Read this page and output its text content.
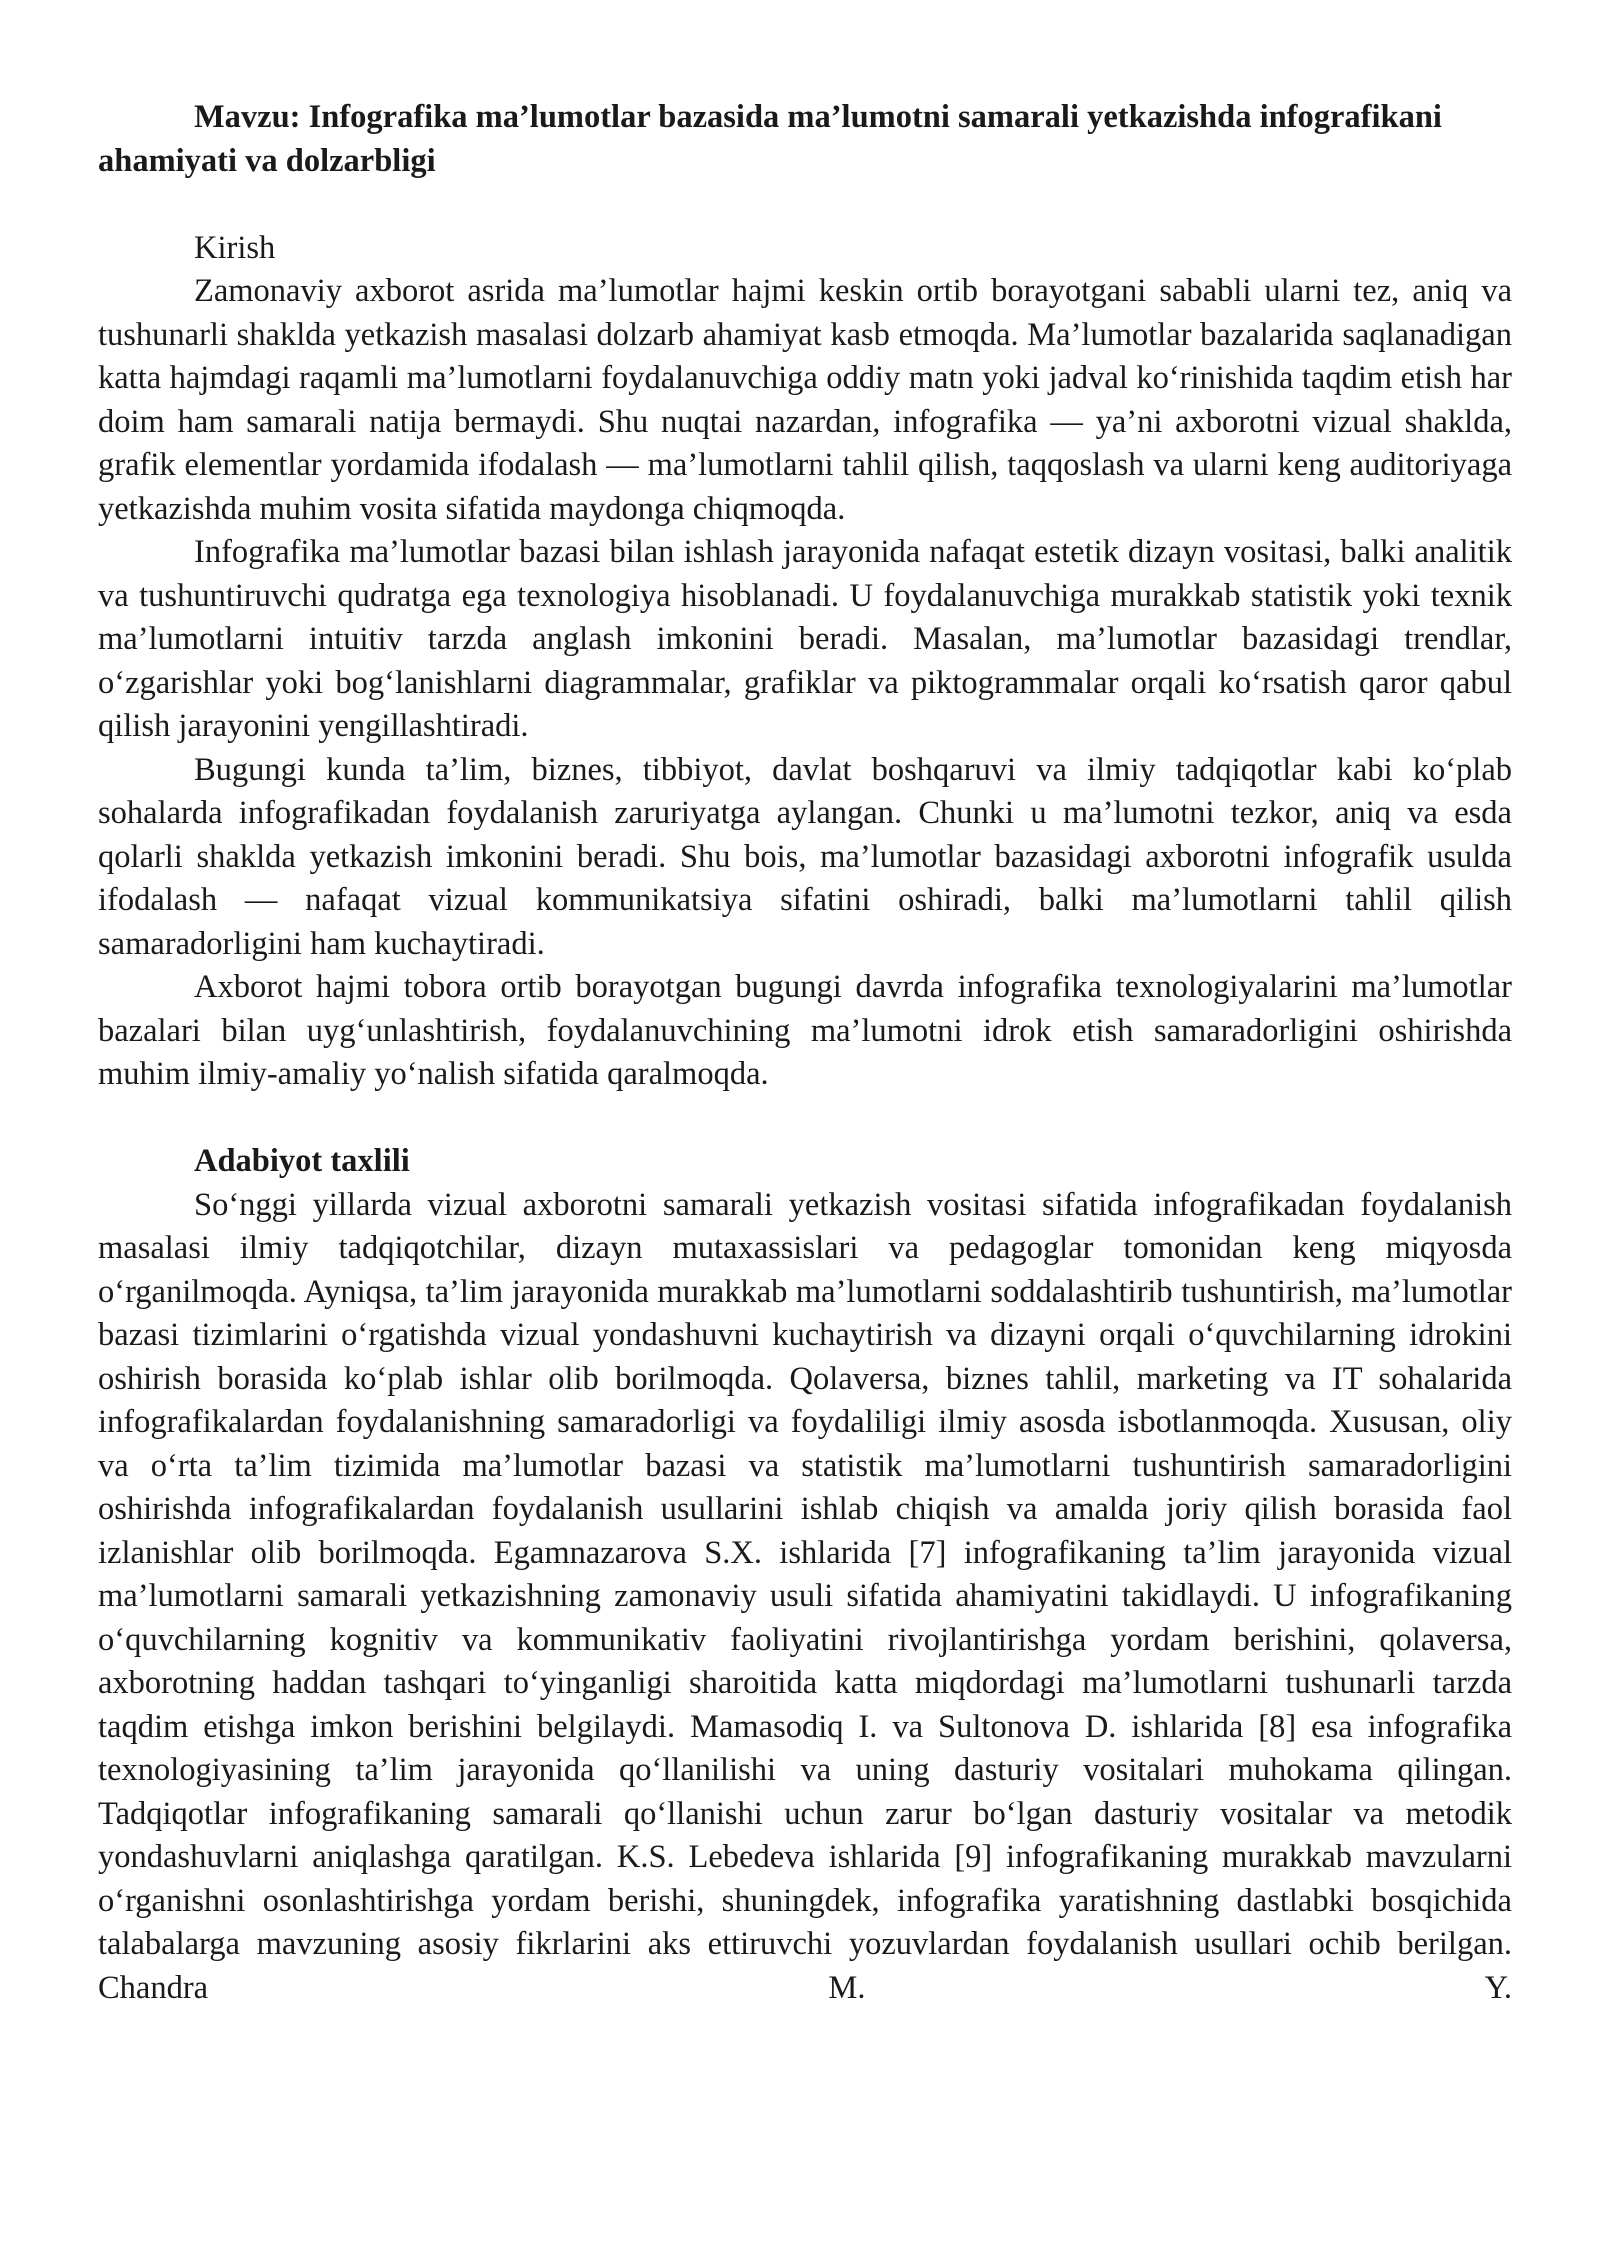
Mavzu: Infografika ma’lumotlar bazasida ma’lumotni samarali yetkazishda infografikani ahamiyati va dolzarbligi

Kirish

Zamonaviy axborot asrida ma’lumotlar hajmi keskin ortib borayotgani sababli ularni tez, aniq va tushunarli shaklda yetkazish masalasi dolzarb ahamiyat kasb etmoqda. Ma’lumotlar bazalarida saqlanadigan katta hajmdagi raqamli ma’lumotlarni foydalanuvchiga oddiy matn yoki jadval ko‘rinishida taqdim etish har doim ham samarali natija bermaydi. Shu nuqtai nazardan, infografika — ya’ni axborotni vizual shaklda, grafik elementlar yordamida ifodalash — ma’lumotlarni tahlil qilish, taqqoslash va ularni keng auditoriyaga yetkazishda muhim vosita sifatida maydonga chiqmoqda.

Infografika ma’lumotlar bazasi bilan ishlash jarayonida nafaqat estetik dizayn vositasi, balki analitik va tushuntiruvchi qudratga ega texnologiya hisoblanadi. U foydalanuvchiga murakkab statistik yoki texnik ma’lumotlarni intuitiv tarzda anglash imkonini beradi. Masalan, ma’lumotlar bazasidagi trendlar, o‘zgarishlar yoki bog‘lanishlarni diagrammalar, grafiklar va piktogrammalar orqali ko‘rsatish qaror qabul qilish jarayonini yengillashtiradi.

Bugungi kunda ta’lim, biznes, tibbiyot, davlat boshqaruvi va ilmiy tadqiqotlar kabi ko‘plab sohalarda infografikadan foydalanish zaruriyatga aylangan. Chunki u ma’lumotni tezkor, aniq va esda qolarli shaklda yetkazish imkonini beradi. Shu bois, ma’lumotlar bazasidagi axborotni infografik usulda ifodalash — nafaqat vizual kommunikatsiya sifatini oshiradi, balki ma’lumotlarni tahlil qilish samaradorligini ham kuchaytiradi.

Axborot hajmi tobora ortib borayotgan bugungi davrda infografika texnologiyalarini ma’lumotlar bazalari bilan uyg‘unlashtirish, foydalanuvchining ma’lumotni idrok etish samaradorligini oshirishda muhim ilmiy-amaliy yo‘nalish sifatida qaralmoqda.

Adabiyot taxlili

So‘nggi yillarda vizual axborotni samarali yetkazish vositasi sifatida infografikadan foydalanish masalasi ilmiy tadqiqotchilar, dizayn mutaxassislari va pedagoglar tomonidan keng miqyosda o‘rganilmoqda. Ayniqsa, ta’lim jarayonida murakkab ma’lumotlarni soddalashtirib tushuntirish, ma’lumotlar bazasi tizimlarini o‘rgatishda vizual yondashuvni kuchaytirish va dizayni orqali o‘quvchilarning idrokini oshirish borasida ko‘plab ishlar olib borilmoqda. Qolaversa, biznes tahlil, marketing va IT sohalarida infografikalardan foydalanishning samaradorligi va foydaliligi ilmiy asosda isbotlanmoqda. Xususan, oliy va o‘rta ta’lim tizimida ma’lumotlar bazasi va statistik ma’lumotlarni tushuntirish samaradorligini oshirishda infografikalardan foydalanish usullarini ishlab chiqish va amalda joriy qilish borasida faol izlanishlar olib borilmoqda. Egamnazarova S.X. ishlarida [7] infografikaning ta’lim jarayonida vizual ma’lumotlarni samarali yetkazishning zamonaviy usuli sifatida ahamiyatini takidlaydi. U infografikaning o‘quvchilarning kognitiv va kommunikativ faoliyatini rivojlantirishga yordam berishini, qolaversa, axborotning haddan tashqari to‘yinganligi sharoitida katta miqdordagi ma’lumotlarni tushunarli tarzda taqdim etishga imkon berishini belgilaydi. Mamasodiq I. va Sultonova D. ishlarida [8] esa infografika texnologiyasining ta’lim jarayonida qo‘llanilishi va uning dasturiy vositalari muhokama qilingan. Tadqiqotlar infografikaning samarali qo‘llanishi uchun zarur bo‘lgan dasturiy vositalar va metodik yondashuvlarni aniqlashga qaratilgan. K.S. Lebedeva ishlarida [9] infografikaning murakkab mavzularni o‘rganishni osonlashtirishga yordam berishi, shuningdek, infografika yaratishning dastlabki bosqichida talabalarga mavzuning asosiy fikrlarini aks ettiruvchi yozuvlardan foydalanish usullari ochib berilgan. Chandra M. Y.
